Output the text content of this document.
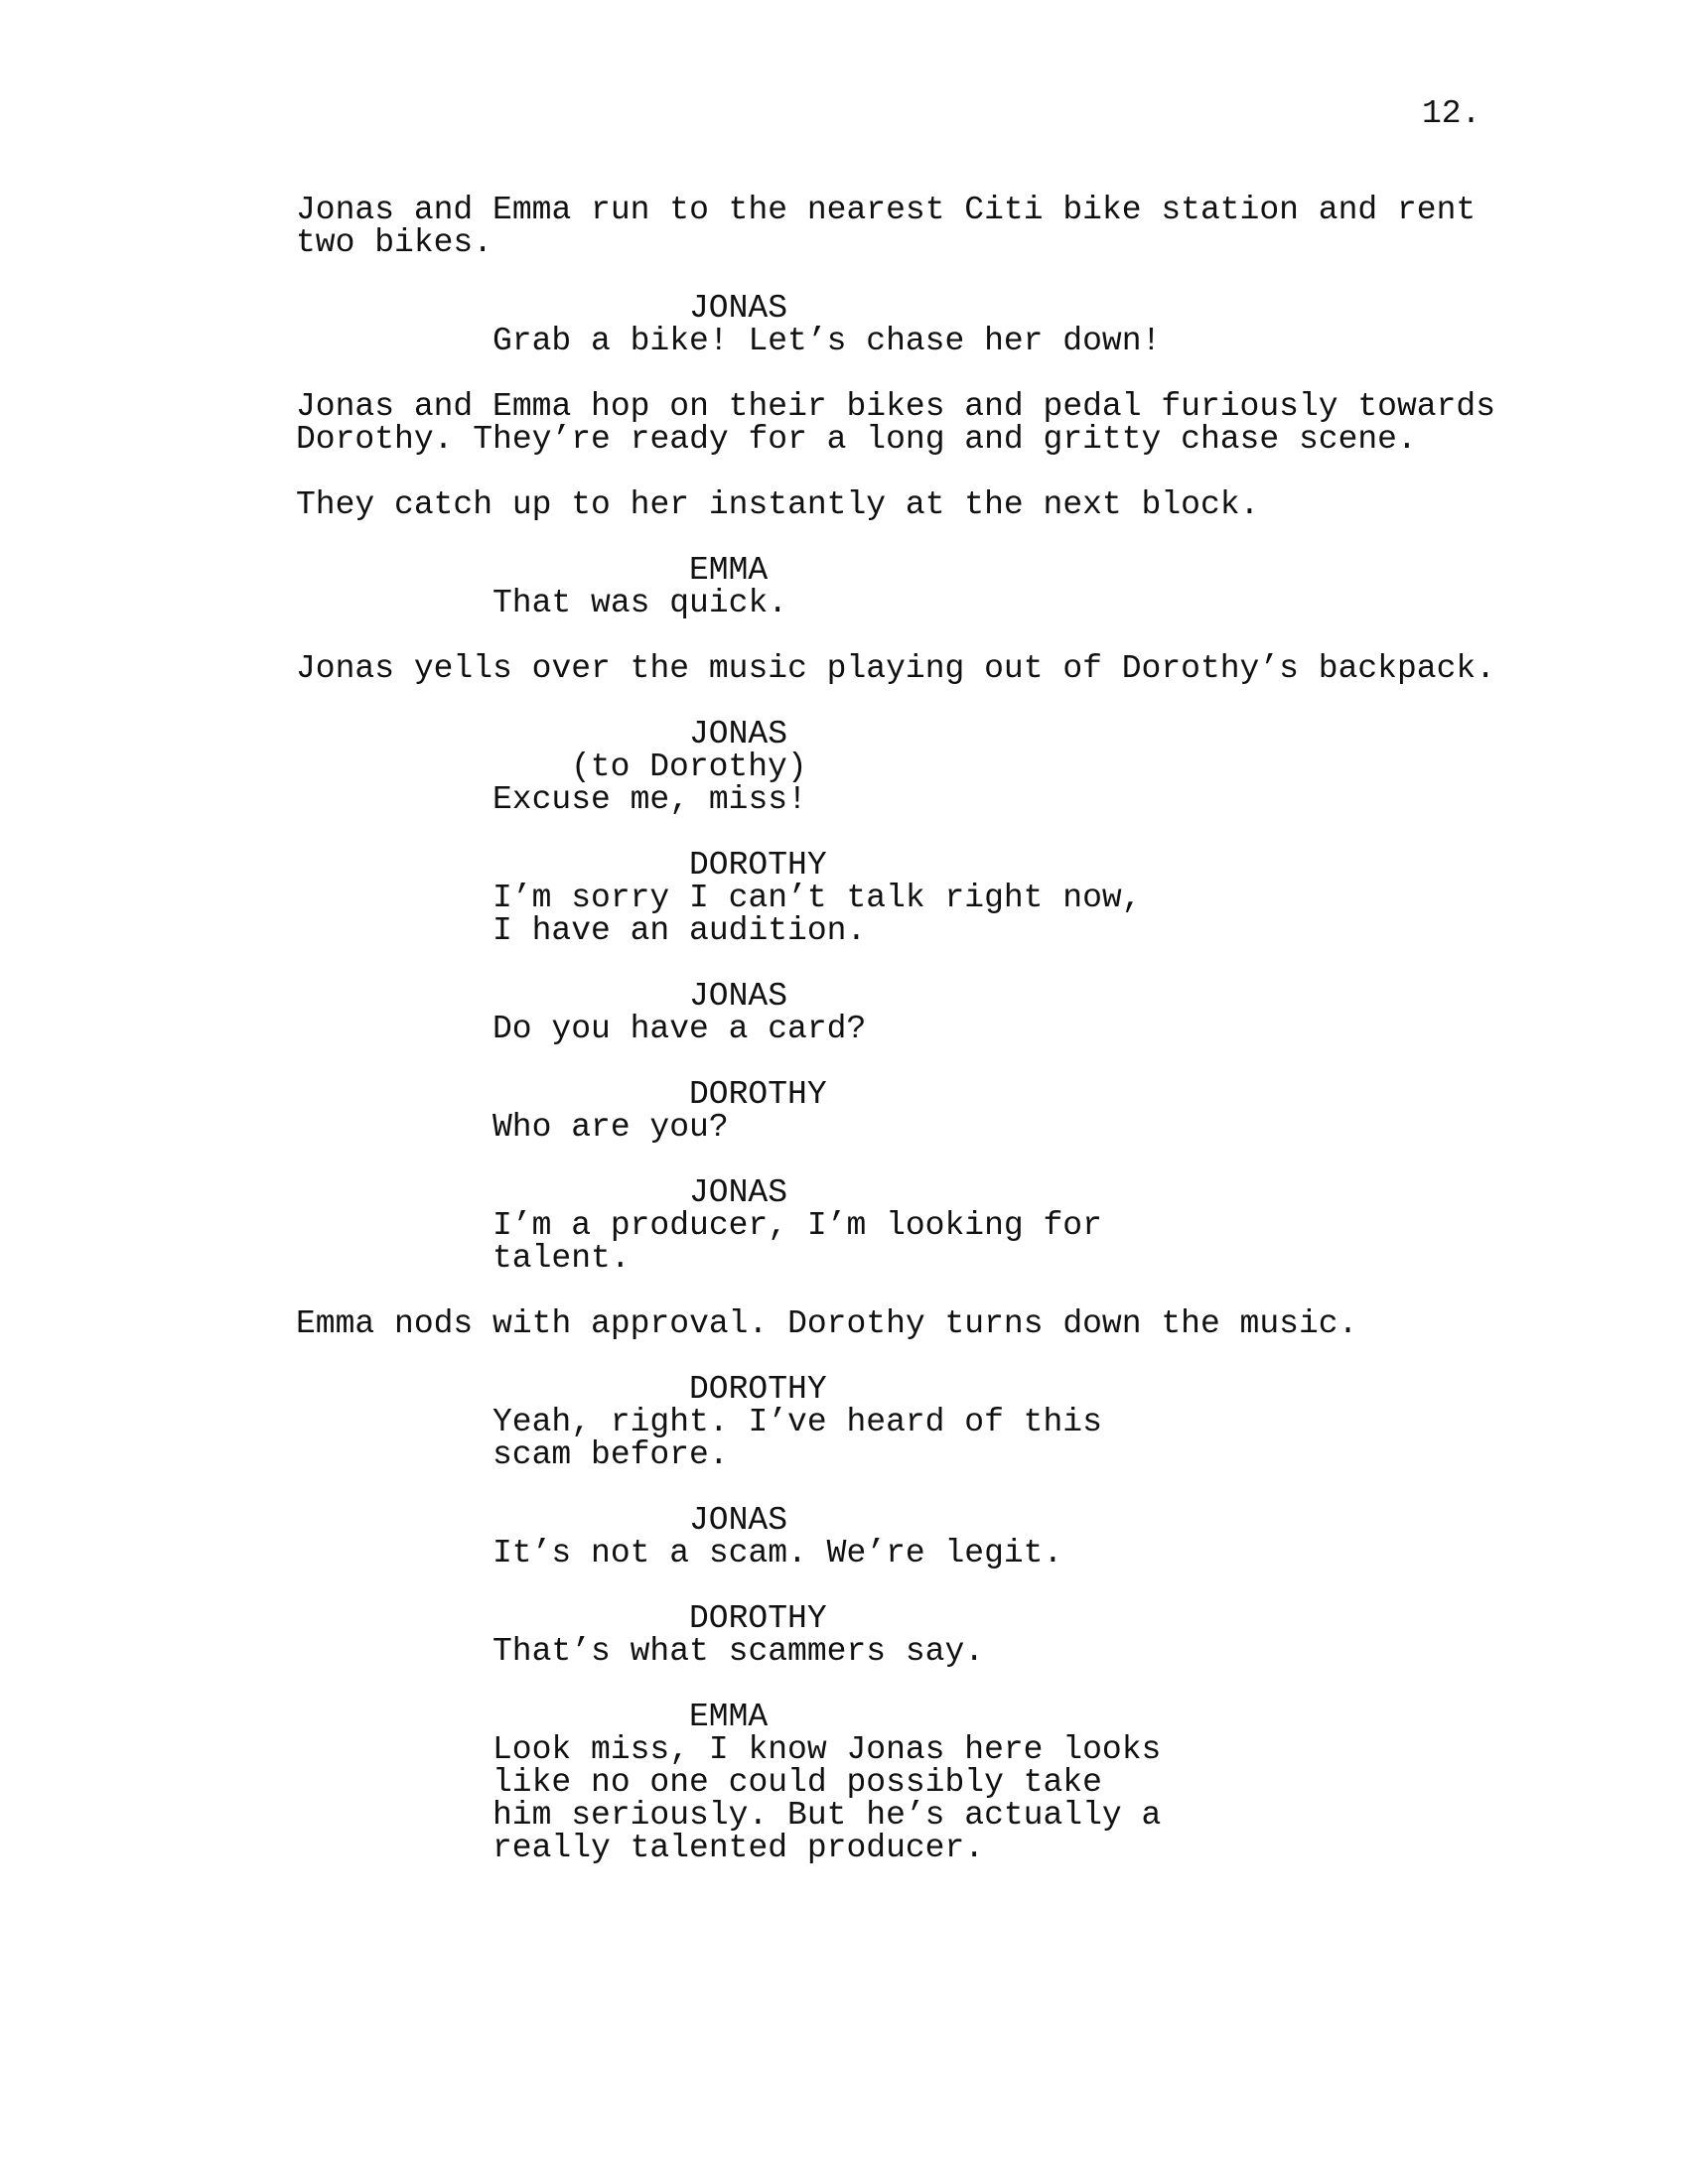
12.
Jonas and Emma run to the nearest Citi bike station and rent
two bikes.
JONAS
Grab a bike! Let’s chase her down!
Jonas and Emma hop on their bikes and pedal furiously towards
Dorothy. They’re ready for a long and gritty chase scene.
They catch up to her instantly at the next block.
EMMA
That was quick.
Jonas yells over the music playing out of Dorothy’s backpack.
JONAS
(to Dorothy)
Excuse me, miss!
DOROTHY
I’m sorry I can’t talk right now,
I have an audition.
JONAS
Do you have a card?
DOROTHY
Who are you?
JONAS
I’m a producer, I’m looking for
talent.
Emma nods with approval. Dorothy turns down the music.
DOROTHY
Yeah, right. I’ve heard of this
scam before.
JONAS
It’s not a scam. We’re legit.
DOROTHY
That’s what scammers say.
EMMA
Look miss, I know Jonas here looks
like no one could possibly take
him seriously. But he’s actually a
really talented producer.
